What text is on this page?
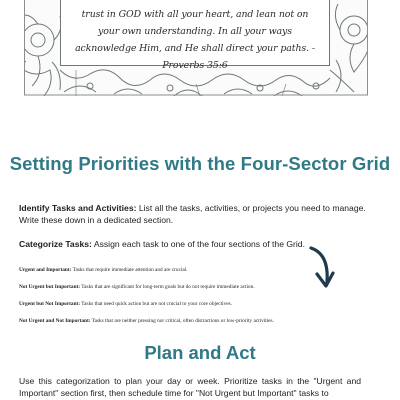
trust in GOD with all your heart, and lean not on your own understanding. In all your ways acknowledge Him, and He shall direct your paths. - Proverbs 35:6

Setting Priorities with the Four-Sector Grid

Identify Tasks and Activities: List all the tasks, activities, or projects you need to manage. Write these down in a dedicated section.

Categorize Tasks: Assign each task to one of the four sections of the Grid.

Urgent and Important: Tasks that require immediate attention and are crucial.

Not Urgent but Important: Tasks that are significant for long-term goals but do not require immediate action.

Urgent but Not Important: Tasks that need quick action but are not crucial to your core objectives.

Not Urgent and Not Important: Tasks that are neither pressing nor critical, often distractions or low-priority activities.

Plan and Act

Use this categorization to plan your day or week. Prioritize tasks in the "Urgent and Important" section first, then schedule time for "Not Urgent but Important" tasks to
